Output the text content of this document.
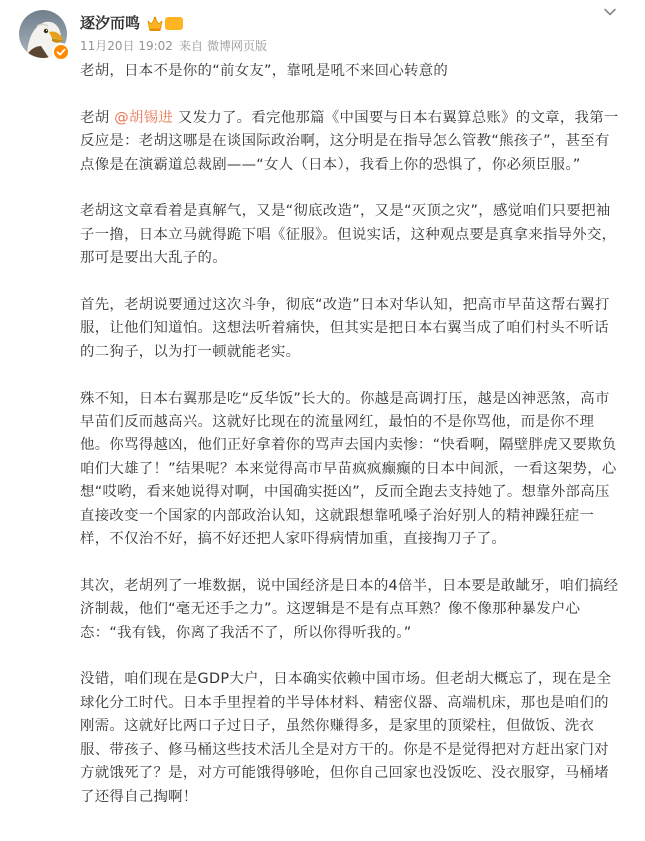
逐汐而鸣
11月20日 19:02 来自 微博网页版

老胡，日本不是你的“前女友”，靠吼是吼不来回心转意的

老胡 @胡锡进 又发力了。看完他那篇《中国要与日本右翼算总账》的文章，我第一反应是：老胡这哪是在谈国际政治啊，这分明是在指导怎么管教“熊孩子”，甚至有点像是在演霸道总裁剧——“女人（日本），我看上你的恐惧了，你必须臣服。”

老胡这文章看着是真解气，又是“彻底改造”，又是“灭顶之灾”，感觉咱们只要把袖子一撸，日本立马就得跪下唱《征服》。但说实话，这种观点要是真拿来指导外交，那可是要出大乱子的。

首先，老胡说要通过这次斗争，彻底“改造”日本对华认知，把高市早苗这帮右翼打服，让他们知道怕。这想法听着痛快，但其实是把日本右翼当成了咱们村头不听话的二狗子，以为打一顿就能老实。

殊不知，日本右翼那是吃“反华饭”长大的。你越是高调打压，越是凶神恶煞，高市早苗们反而越高兴。这就好比现在的流量网红，最怕的不是你骂他，而是你不理他。你骂得越凶，他们正好拿着你的骂声去国内卖惨：“快看啊，隔壁胖虎又要欺负咱们大雄了！”结果呢？本来觉得高市早苗疯疯癫癫的日本中间派，一看这架势，心想“哎哟，看来她说得对啊，中国确实挺凶”，反而全跑去支持她了。想靠外部高压直接改变一个国家的内部政治认知，这就跟想靠吼嗓子治好别人的精神躁狂症一样，不仅治不好，搞不好还把人家吓得病情加重，直接掏刀子了。

其次，老胡列了一堆数据，说中国经济是日本的4倍半，日本要是敢龇牙，咱们搞经济制裁，他们“毫无还手之力”。这逻辑是不是有点耳熟？像不像那种暴发户心态：“我有钱，你离了我活不了，所以你得听我的。”

没错，咱们现在是GDP大户，日本确实依赖中国市场。但老胡大概忘了，现在是全球化分工时代。日本手里捏着的半导体材料、精密仪器、高端机床，那也是咱们的刚需。这就好比两口子过日子，虽然你赚得多，是家里的顶梁柱，但做饭、洗衣服、带孩子、修马桶这些技术活儿全是对方干的。你是不是觉得把对方赶出家门对方就饿死了？是，对方可能饿得够呛，但你自己回家也没饭吃、没衣服穿，马桶堵了还得自己掏啊！
